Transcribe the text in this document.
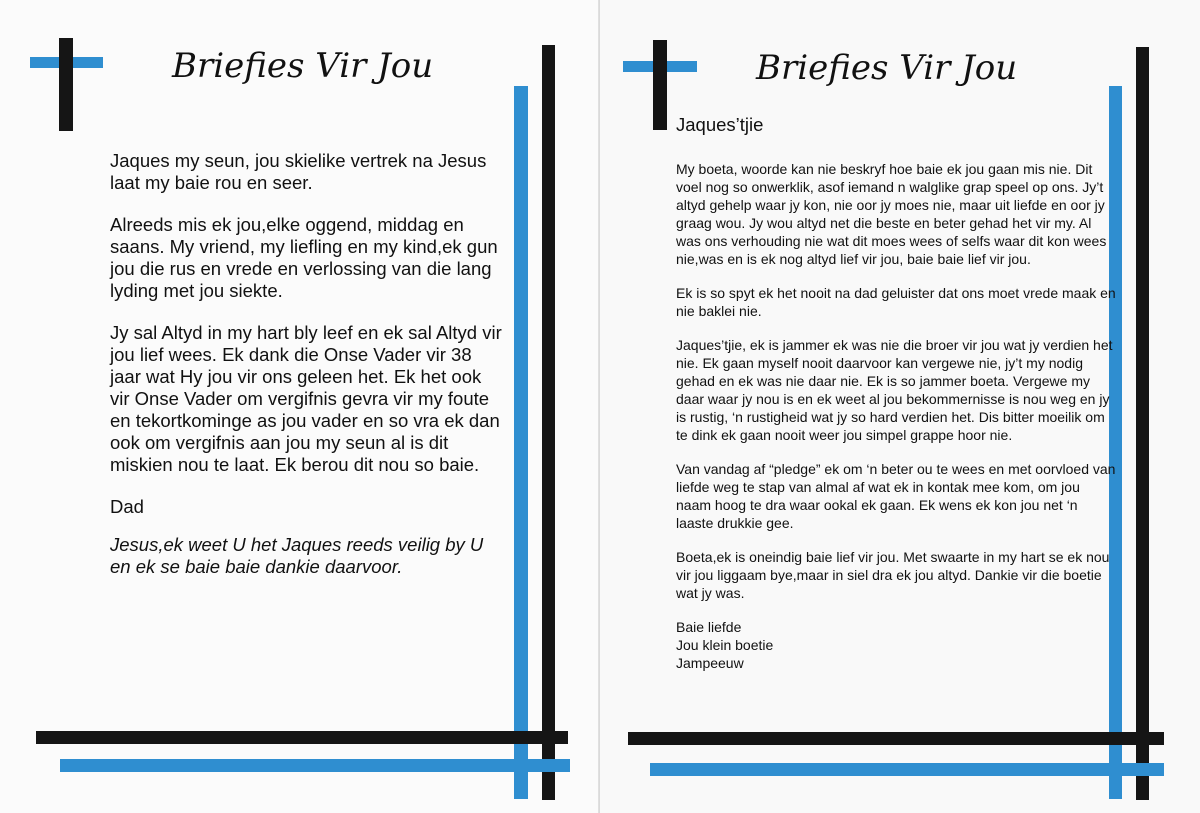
Briefies Vir Jou

Jaques my seun, jou skielike vertrek na Jesus laat my baie rou en seer.

Alreeds mis ek jou,elke oggend, middag en saans. My vriend, my liefling en my kind,ek gun jou die rus en vrede en verlossing van die lang lyding met jou siekte.

Jy sal Altyd in my hart bly leef en ek sal Altyd vir jou lief wees. Ek dank die Onse Vader vir 38 jaar wat Hy jou vir ons geleen het. Ek het ook vir Onse Vader om vergifnis gevra vir my foute en tekortkominge as jou vader en so vra ek dan ook om vergifnis aan jou my seun al is dit miskien nou te laat. Ek berou dit nou so baie.

Dad

Jesus,ek weet U het Jaques reeds veilig by U en ek se baie baie dankie daarvoor.

Briefies Vir Jou
Jaques’tjie

My boeta, woorde kan nie beskryf hoe baie ek jou gaan mis nie. Dit voel nog so onwerklik, asof iemand n walglike grap speel op ons. Jy’t altyd gehelp waar jy kon, nie oor jy moes nie, maar uit liefde en oor jy graag wou. Jy wou altyd net die beste en beter gehad het vir my. Al was ons verhouding nie wat dit moes wees of selfs waar dit kon wees nie,was en is ek nog altyd lief vir jou, baie baie lief vir jou.

Ek is so spyt ek het nooit na dad geluister dat ons moet vrede maak en nie baklei nie.

Jaques’tjie, ek is jammer ek was nie die broer vir jou wat jy verdien het nie. Ek gaan myself nooit daarvoor kan vergewe nie, jy’t my nodig gehad en ek was nie daar nie. Ek is so jammer boeta. Vergewe my daar waar jy nou is en ek weet al jou bekommernisse is nou weg en jy is rustig, ‘n rustigheid wat jy so hard verdien het. Dis bitter moeilik om te dink ek gaan nooit weer jou simpel grappe hoor nie.

Van vandag af “pledge” ek om ‘n beter ou te wees en met oorvloed van liefde weg te stap van almal af wat ek in kontak mee kom, om jou naam hoog te dra waar ookal ek gaan. Ek wens ek kon jou net ‘n laaste drukkie gee.

Boeta,ek is oneindig baie lief vir jou. Met swaarte in my hart se ek nou vir jou liggaam bye,maar in siel dra ek jou altyd. Dankie vir die boetie wat jy was.

Baie liefde
Jou klein boetie
Jampeeuw
